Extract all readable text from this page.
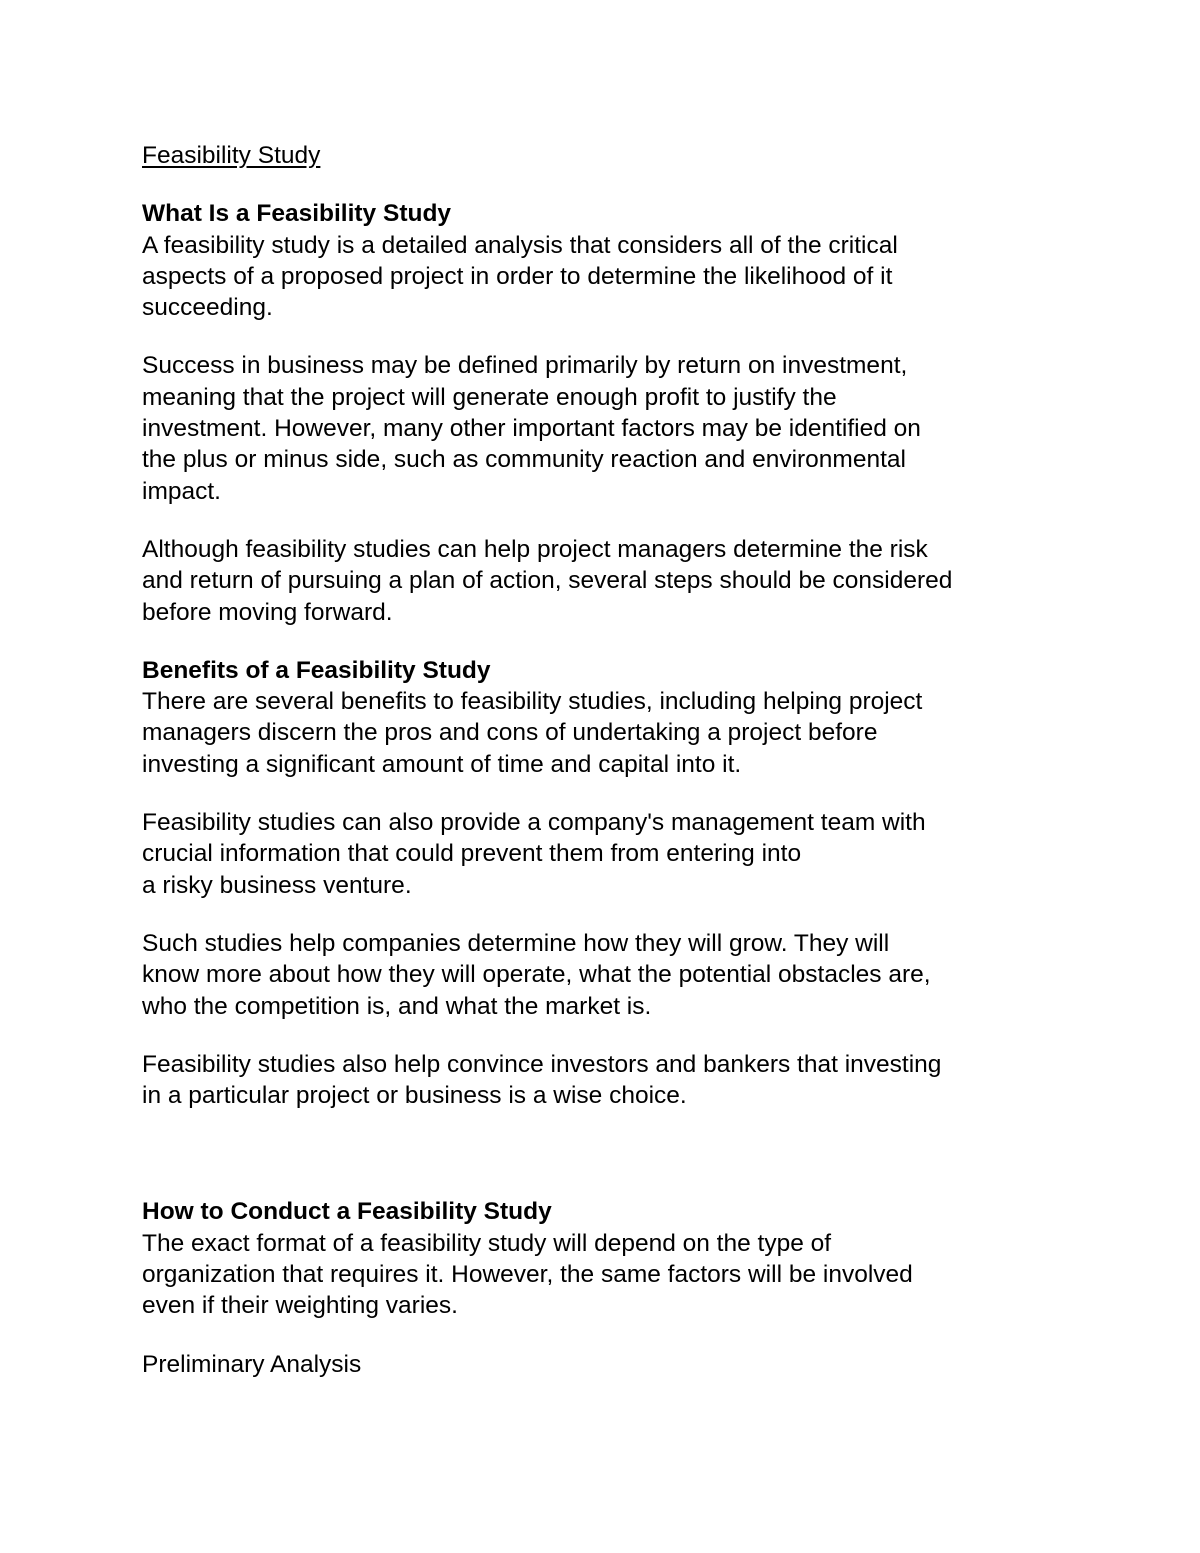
Feasibility Study
What Is a Feasibility Study

A feasibility study is a detailed analysis that considers all of the critical
aspects of a proposed project in order to determine the likelihood of it
succeeding.

Success in business may be defined primarily by return on investment,
meaning that the project will generate enough profit to justify the
investment. However, many other important factors may be identified on
the plus or minus side, such as community reaction and environmental
impact.

Although feasibility studies can help project managers determine the risk
and return of pursuing a plan of action, several steps should be considered
before moving forward.

Benefits of a Feasibility Study

There are several benefits to feasibility studies, including helping project
managers discern the pros and cons of undertaking a project before
investing a significant amount of time and capital into it.

Feasibility studies can also provide a company's management team with
crucial information that could prevent them from entering into
a risky business venture.

Such studies help companies determine how they will grow. They will
know more about how they will operate, what the potential obstacles are,
who the competition is, and what the market is.

Feasibility studies also help convince investors and bankers that investing
in a particular project or business is a wise choice.

How to Conduct a Feasibility Study

The exact format of a feasibility study will depend on the type of
organization that requires it. However, the same factors will be involved
even if their weighting varies.

Preliminary Analysis
